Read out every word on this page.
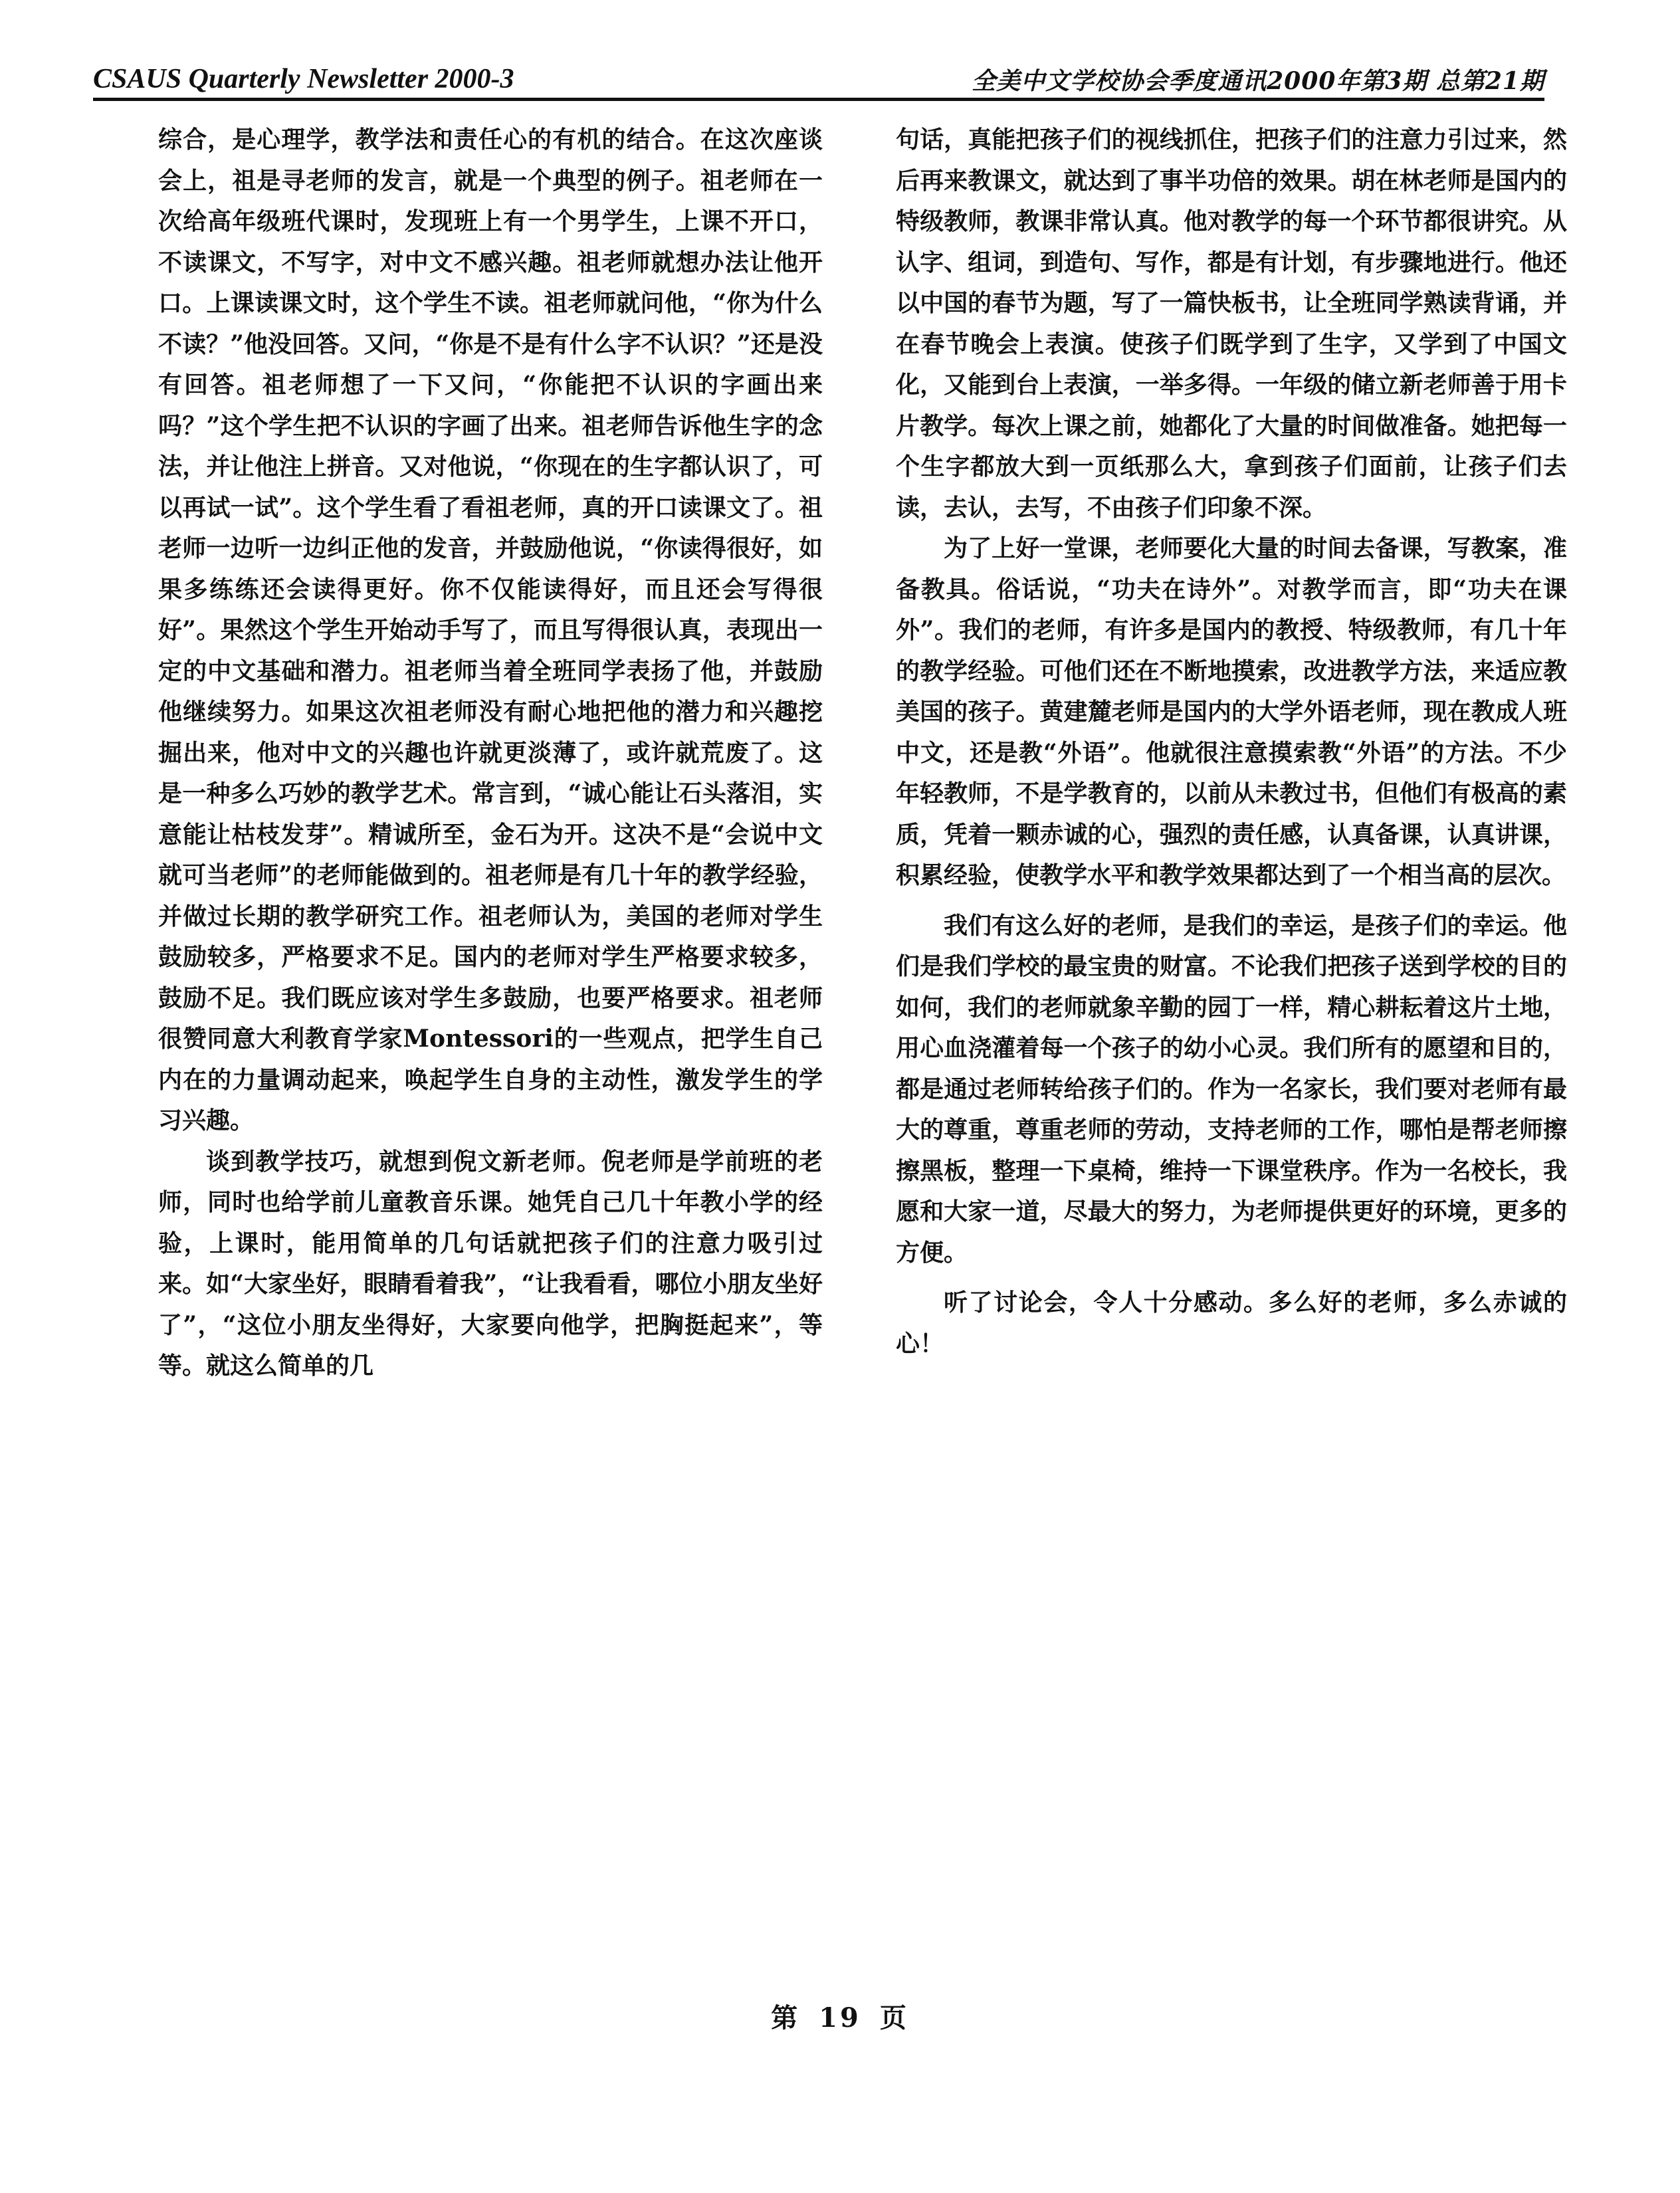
CSAUS Quarterly Newsletter 2000-3	全美中文学校协会季度通讯2000年第3期 总第21期

综合，是心理学，教学法和责任心的有机的结合。在这次座谈会上，祖是寻老师的发言，就是一个典型的例子。祖老师在一次给高年级班代课时，发现班上有一个男学生，上课不开口，不读课文，不写字，对中文不感兴趣。祖老师就想办法让他开口。上课读课文时，这个学生不读。祖老师就问他，“你为什么不读？”他没回答。又问，“你是不是有什么字不认识？”还是没有回答。祖老师想了一下又问，“你能把不认识的字画出来吗？”这个学生把不认识的字画了出来。祖老师告诉他生字的念法，并让他注上拼音。又对他说，“你现在的生字都认识了，可以再试一试”。这个学生看了看祖老师，真的开口读课文了。祖老师一边听一边纠正他的发音，并鼓励他说，“你读得很好，如果多练练还会读得更好。你不仅能读得好，而且还会写得很好”。果然这个学生开始动手写了，而且写得很认真，表现出一定的中文基础和潜力。祖老师当着全班同学表扬了他，并鼓励他继续努力。如果这次祖老师没有耐心地把他的潜力和兴趣挖掘出来，他对中文的兴趣也许就更淡薄了，或许就荒废了。这是一种多么巧妙的教学艺术。常言到，“诚心能让石头落泪，实意能让枯枝发芽”。精诚所至，金石为开。这决不是“会说中文就可当老师”的老师能做到的。祖老师是有几十年的教学经验，并做过长期的教学研究工作。祖老师认为，美国的老师对学生鼓励较多，严格要求不足。国内的老师对学生严格要求较多，鼓励不足。我们既应该对学生多鼓励，也要严格要求。祖老师很赞同意大利教育学家Montessori的一些观点，把学生自己内在的力量调动起来，唤起学生自身的主动性，激发学生的学习兴趣。

谈到教学技巧，就想到倪文新老师。倪老师是学前班的老师，同时也给学前儿童教音乐课。她凭自己几十年教小学的经验，上课时，能用简单的几句话就把孩子们的注意力吸引过来。如“大家坐好，眼睛看着我”，“让我看看，哪位小朋友坐好了”，“这位小朋友坐得好，大家要向他学，把胸挺起来”，等等。就这么简单的几

句话，真能把孩子们的视线抓住，把孩子们的注意力引过来，然后再来教课文，就达到了事半功倍的效果。胡在林老师是国内的特级教师，教课非常认真。他对教学的每一个环节都很讲究。从认字、组词，到造句、写作，都是有计划，有步骤地进行。他还以中国的春节为题，写了一篇快板书，让全班同学熟读背诵，并在春节晚会上表演。使孩子们既学到了生字，又学到了中国文化，又能到台上表演，一举多得。一年级的储立新老师善于用卡片教学。每次上课之前，她都化了大量的时间做准备。她把每一个生字都放大到一页纸那么大，拿到孩子们面前，让孩子们去读，去认，去写，不由孩子们印象不深。

为了上好一堂课，老师要化大量的时间去备课，写教案，准备教具。俗话说，“功夫在诗外”。对教学而言，即“功夫在课外”。我们的老师，有许多是国内的教授、特级教师，有几十年的教学经验。可他们还在不断地摸索，改进教学方法，来适应教美国的孩子。黄建麓老师是国内的大学外语老师，现在教成人班中文，还是教“外语”。他就很注意摸索教“外语”的方法。不少年轻教师，不是学教育的，以前从未教过书，但他们有极高的素质，凭着一颗赤诚的心，强烈的责任感，认真备课，认真讲课，积累经验，使教学水平和教学效果都达到了一个相当高的层次。

我们有这么好的老师，是我们的幸运，是孩子们的幸运。他们是我们学校的最宝贵的财富。不论我们把孩子送到学校的目的如何，我们的老师就象辛勤的园丁一样，精心耕耘着这片土地，用心血浇灌着每一个孩子的幼小心灵。我们所有的愿望和目的，都是通过老师转给孩子们的。作为一名家长，我们要对老师有最大的尊重，尊重老师的劳动，支持老师的工作，哪怕是帮老师擦擦黑板，整理一下桌椅，维持一下课堂秩序。作为一名校长，我愿和大家一道，尽最大的努力，为老师提供更好的环境，更多的方便。

听了讨论会，令人十分感动。多么好的老师，多么赤诚的心！

第 19 页
